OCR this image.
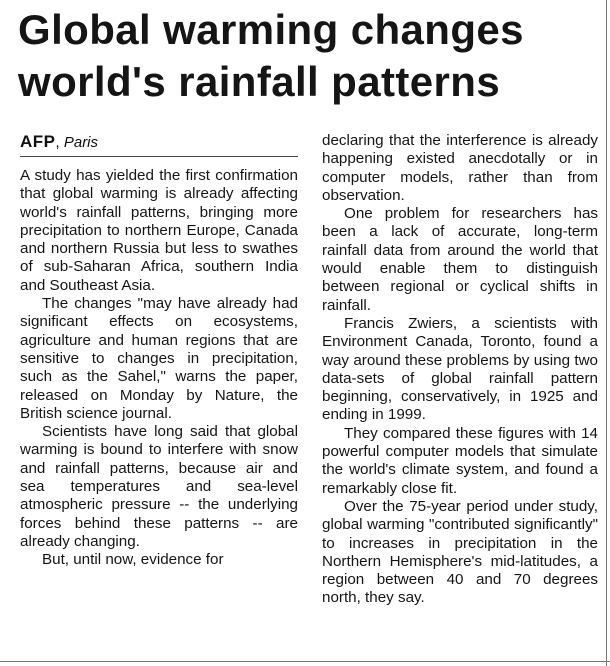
Global warming changes world's rainfall patterns
AFP, Paris

A study has yielded the first confirmation that global warming is already affecting world's rainfall patterns, bringing more precipitation to northern Europe, Canada and northern Russia but less to swathes of sub-Saharan Africa, southern India and Southeast Asia.

The changes "may have already had significant effects on ecosystems, agriculture and human regions that are sensitive to changes in precipitation, such as the Sahel," warns the paper, released on Monday by Nature, the British science journal.

Scientists have long said that global warming is bound to interfere with snow and rainfall patterns, because air and sea temperatures and sea-level atmospheric pressure -- the underlying forces behind these patterns -- are already changing.

But, until now, evidence for

declaring that the interference is already happening existed anecdotally or in computer models, rather than from observation.

One problem for researchers has been a lack of accurate, long-term rainfall data from around the world that would enable them to distinguish between regional or cyclical shifts in rainfall.

Francis Zwiers, a scientists with Environment Canada, Toronto, found a way around these problems by using two data-sets of global rainfall pattern beginning, conservatively, in 1925 and ending in 1999.

They compared these figures with 14 powerful computer models that simulate the world's climate system, and found a remarkably close fit.

Over the 75-year period under study, global warming "contributed significantly" to increases in precipitation in the Northern Hemisphere's mid-latitudes, a region between 40 and 70 degrees north, they say.
